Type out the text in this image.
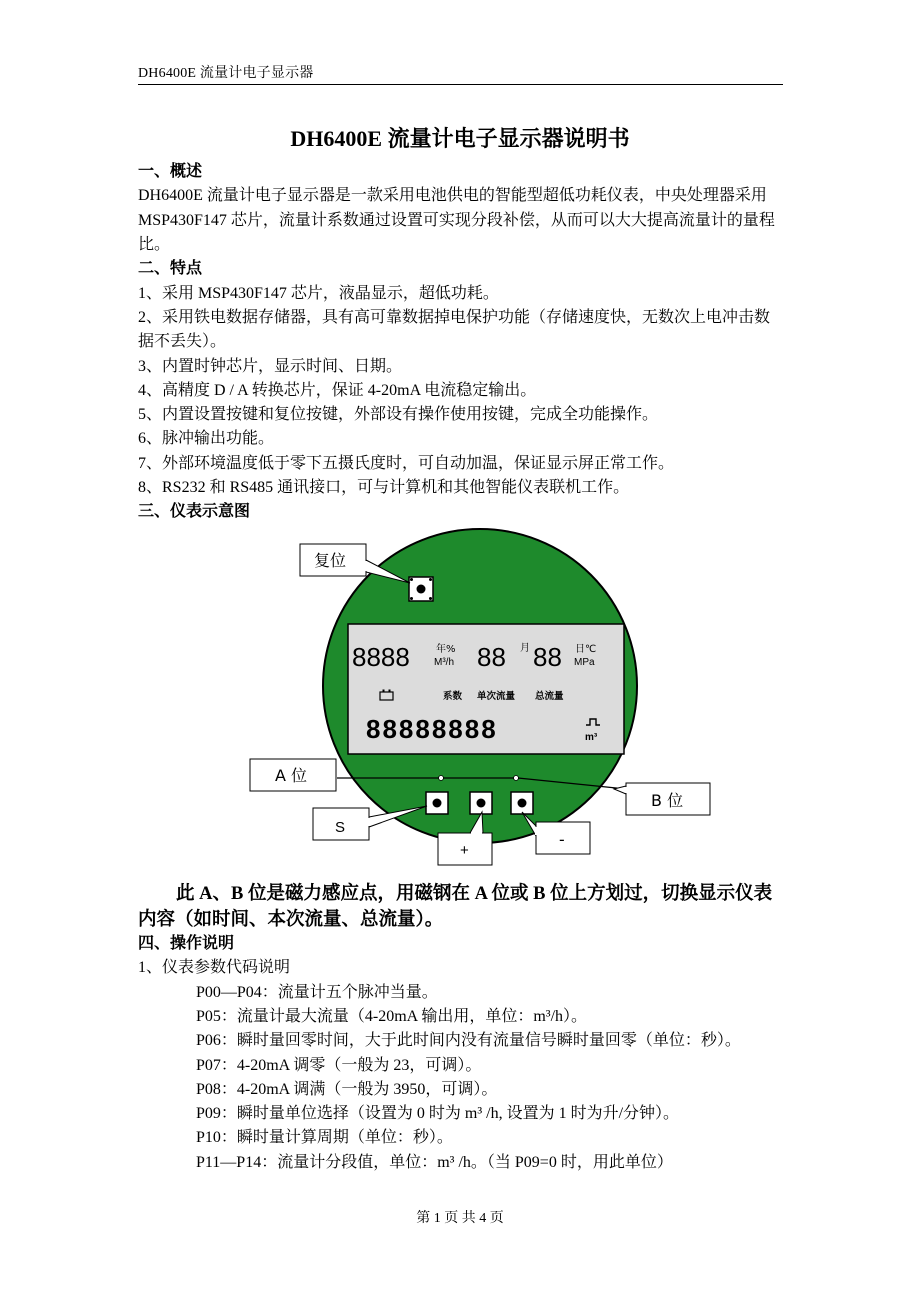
DH6400E 流量计电子显示器
DH6400E 流量计电子显示器说明书
一、概述
DH6400E 流量计电子显示器是一款采用电池供电的智能型超低功耗仪表，中央处理器采用
MSP430F147 芯片，流量计系数通过设置可实现分段补偿，从而可以大大提高流量计的量程
比。
二、特点
1、采用 MSP430F147 芯片，液晶显示，超低功耗。
2、采用铁电数据存储器，具有高可靠数据掉电保护功能（存储速度快，无数次上电冲击数
据不丢失）。
3、内置时钟芯片，显示时间、日期。
4、高精度 D / A 转换芯片，保证 4-20mA 电流稳定输出。
5、内置设置按键和复位按键，外部设有操作使用按键，完成全功能操作。
6、脉冲输出功能。
7、外部环境温度低于零下五摄氏度时，可自动加温，保证显示屏正常工作。
8、RS232 和 RS485 通讯接口，可与计算机和其他智能仪表联机工作。
三、仪表示意图
8888	年%
M³/h 88 月 88 日℃
MPa
系数 单次流量 总流量
88888888	m³
复位
A 位
B 位
S
+
-
此 A、B 位是磁力感应点，用磁钢在 A 位或 B 位上方划过，切换显示仪表
内容（如时间、本次流量、总流量）。
四、操作说明
1、仪表参数代码说明
P00—P04：流量计五个脉冲当量。
P05：流量计最大流量（4-20mA 输出用，单位：m³/h）。
P06：瞬时量回零时间，大于此时间内没有流量信号瞬时量回零（单位：秒）。
P07：4-20mA 调零（一般为 23，可调）。
P08：4-20mA 调满（一般为 3950，可调）。
P09：瞬时量单位选择（设置为 0 时为 m³ /h, 设置为 1 时为升/分钟）。
P10：瞬时量计算周期（单位：秒）。
P11—P14：流量计分段值，单位：m³ /h。（当 P09=0 时，用此单位）
第 1 页 共 4 页
